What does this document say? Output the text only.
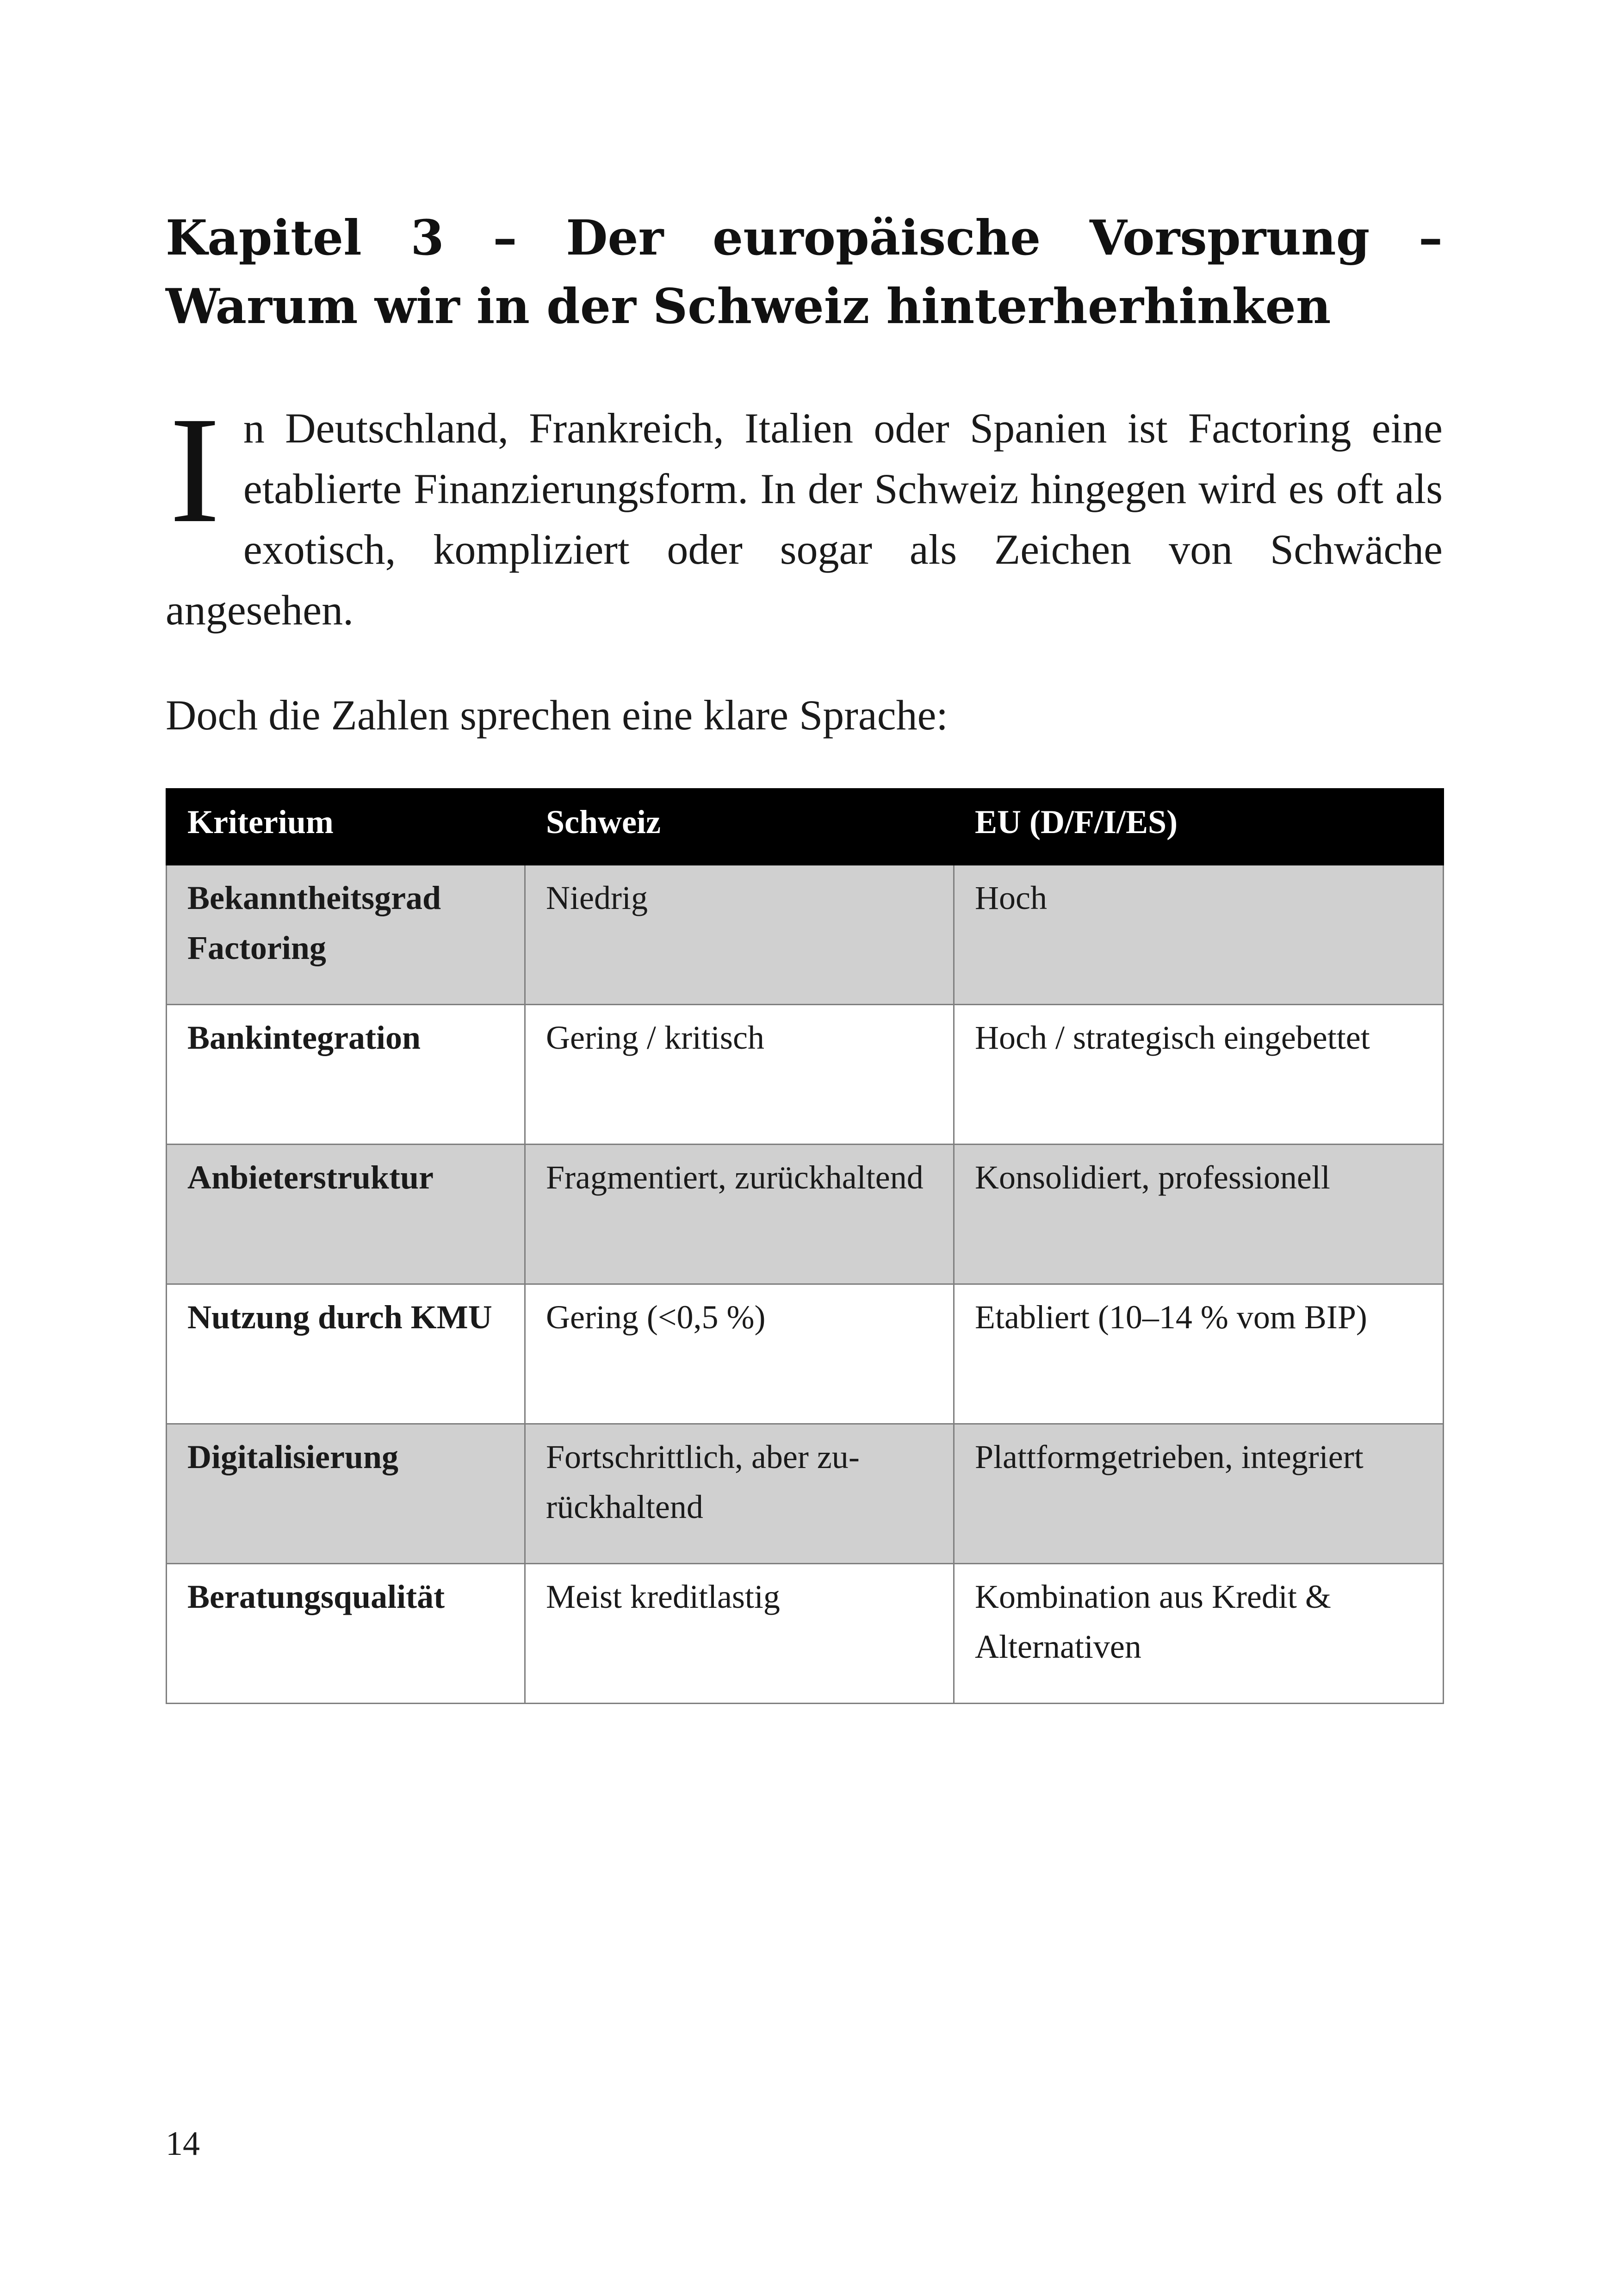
Kapitel 3 – Der europäische Vorsprung – Warum wir in der Schweiz hinterherhinken

In Deutschland, Frankreich, Italien oder Spanien ist Factoring eine etablierte Finanzierungsform. In der Schweiz hingegen wird es oft als exotisch, kompliziert oder sogar als Zeichen von Schwäche angesehen.

Doch die Zahlen sprechen eine klare Sprache:

Kriterium	Schweiz	EU (D/F/I/ES)
Bekanntheitsgrad Factoring	Niedrig	Hoch
Bankintegration	Gering / kritisch	Hoch / strategisch eingebettet
Anbieterstruktur	Fragmentiert, zurückhaltend	Konsolidiert, professionell
Nutzung durch KMU	Gering (<0,5 %)	Etabliert (10–14 % vom BIP)
Digitalisierung	Fortschrittlich, aber zurückhaltend	Plattformgetrieben, integriert
Beratungsqualität	Meist kreditlastig	Kombination aus Kredit & Alternativen

14
